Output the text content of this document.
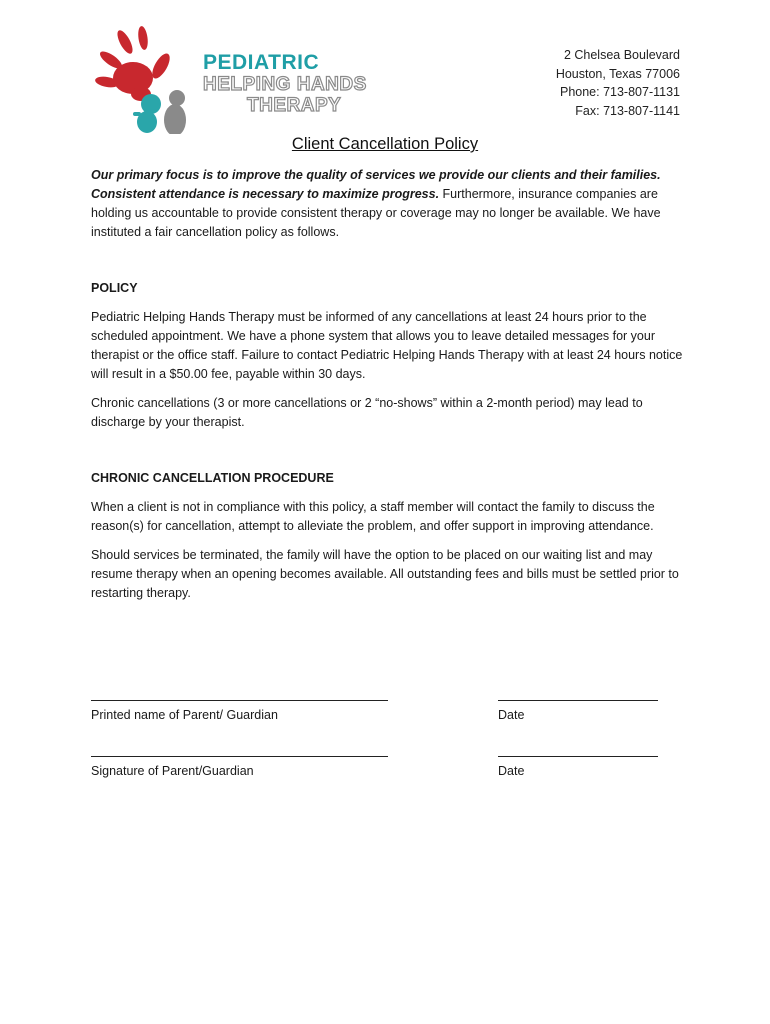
PEDIATRIC
HELPING HANDS
THERAPY
2 Chelsea Boulevard
Houston, Texas 77006
Phone: 713-807-1131
Fax: 713-807-1141
Client Cancellation Policy

Our primary focus is to improve the quality of services we provide our clients and their families. Consistent attendance is necessary to maximize progress. Furthermore, insurance companies are holding us accountable to provide consistent therapy or coverage may no longer be available. We have instituted a fair cancellation policy as follows.

POLICY

Pediatric Helping Hands Therapy must be informed of any cancellations at least 24 hours prior to the scheduled appointment. We have a phone system that allows you to leave detailed messages for your therapist or the office staff. Failure to contact Pediatric Helping Hands Therapy with at least 24 hours notice will result in a $50.00 fee, payable within 30 days.

Chronic cancellations (3 or more cancellations or 2 “no-shows” within a 2-month period) may lead to discharge by your therapist.

CHRONIC CANCELLATION PROCEDURE

When a client is not in compliance with this policy, a staff member will contact the family to discuss the reason(s) for cancellation, attempt to alleviate the problem, and offer support in improving attendance.

Should services be terminated, the family will have the option to be placed on our waiting list and may resume therapy when an opening becomes available. All outstanding fees and bills must be settled prior to restarting therapy.

Printed name of Parent/ Guardian	Date
Signature of Parent/Guardian	Date
